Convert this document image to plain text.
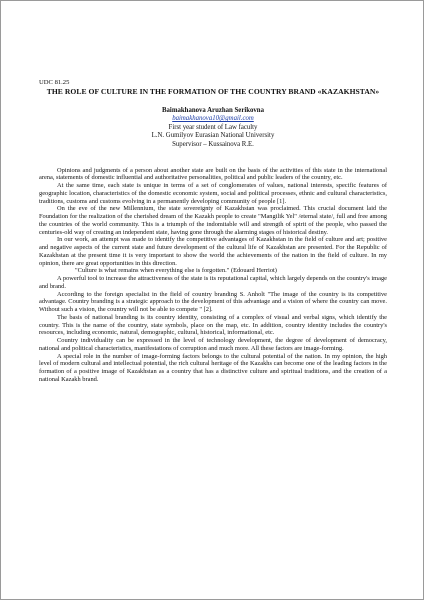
UDC 81.25

THE ROLE OF CULTURE IN THE FORMATION OF THE COUNTRY BRAND «KAZAKHSTAN»

Baimakhanova Aruzhan Serikovna
baimakhanova10@gmail.com
First year student of Law faculty
L.N. Gumilyov Eurasian National University
Supervisor – Kussainova R.E.

Opinions and judgments of a person about another state are built on the basis of the activities of this state in the international arena, statements of domestic influential and authoritative personalities, political and public leaders of the country, etc.

At the same time, each state is unique in terms of a set of conglomerates of values, national interests, specific features of geographic location, characteristics of the domestic economic system, social and political processes, ethnic and cultural characteristics, traditions, customs and customs evolving in a permanently developing community of people [1].

On the eve of the new Millennium, the state sovereignty of Kazakhstan was proclaimed. This crucial document laid the Foundation for the realization of the cherished dream of the Kazakh people to create "Mangilik Yel" /eternal state/, full and free among the countries of the world community. This is a triumph of the indomitable will and strength of spirit of the people, who passed the centuries-old way of creating an independent state, having gone through the alarming stages of historical destiny.

In our work, an attempt was made to identify the competitive advantages of Kazakhstan in the field of culture and art; positive and negative aspects of the current state and future development of the cultural life of Kazakhstan are presented. For the Republic of Kazakhstan at the present time it is very important to show the world the achievements of the nation in the field of culture. In my opinion, there are great opportunities in this direction.

"Culture is what remains when everything else is forgotten." (Edouard Herriot)

A powerful tool to increase the attractiveness of the state is its reputational capital, which largely depends on the country's image and brand.

According to the foreign specialist in the field of country branding S. Anholt "The image of the country is its competitive advantage. Country branding is a strategic approach to the development of this advantage and a vision of where the country can move. Without such a vision, the country will not be able to compete " [2].

The basis of national branding is its country identity, consisting of a complex of visual and verbal signs, which identify the country. This is the name of the country, state symbols, place on the map, etc. In addition, country identity includes the country's resources, including economic, natural, demographic, cultural, historical, informational, etc.

Country individuality can be expressed in the level of technology development, the degree of development of democracy, national and political characteristics, manifestations of corruption and much more. All these factors are image-forming.

A special role in the number of image-forming factors belongs to the cultural potential of the nation. In my opinion, the high level of modern cultural and intellectual potential, the rich cultural heritage of the Kazakhs can become one of the leading factors in the formation of a positive image of Kazakhstan as a country that has a distinctive culture and spiritual traditions, and the creation of a national Kazakh brand.
